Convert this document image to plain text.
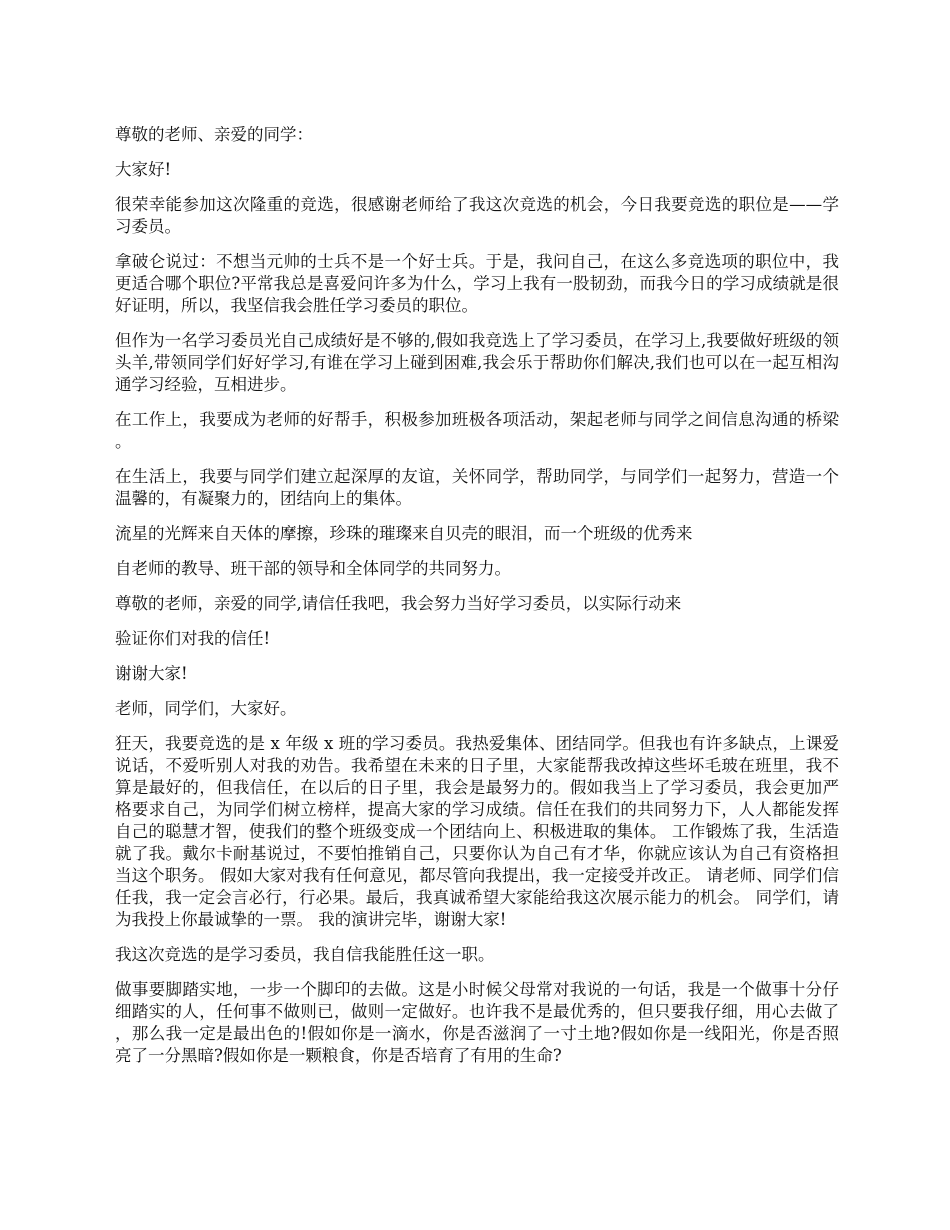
尊敬的老师、亲爱的同学：

大家好!

很荣幸能参加这次隆重的竞选，很感谢老师给了我这次竞选的机会，今日我要竞选的职位是——学习委员。

拿破仑说过：不想当元帅的士兵不是一个好士兵。于是，我问自己，在这么多竞选项的职位中，我更适合哪个职位?平常我总是喜爱问许多为什么，学习上我有一股韧劲，而我今日的学习成绩就是很好证明，所以，我坚信我会胜任学习委员的职位。

但作为一名学习委员光自己成绩好是不够的,假如我竞选上了学习委员，在学习上,我要做好班级的领头羊,带领同学们好好学习,有谁在学习上碰到困难,我会乐于帮助你们解决,我们也可以在一起互相沟通学习经验，互相进步。

在工作上，我要成为老师的好帮手，积极参加班极各项活动，架起老师与同学之间信息沟通的桥梁。

在生活上，我要与同学们建立起深厚的友谊，关怀同学，帮助同学，与同学们一起努力，营造一个温馨的，有凝聚力的，团结向上的集体。

流星的光辉来自天体的摩擦，珍珠的璀璨来自贝壳的眼泪，而一个班级的优秀来

自老师的教导、班干部的领导和全体同学的共同努力。

尊敬的老师，亲爱的同学,请信任我吧，我会努力当好学习委员，以实际行动来

验证你们对我的信任!

谢谢大家!

老师，同学们，大家好。

狂天，我要竞选的是 x 年级 x 班的学习委员。我热爱集体、团结同学。但我也有许多缺点，上课爱说话，不爱听别人对我的劝告。我希望在未来的日子里，大家能帮我改掉这些坏毛玻在班里，我不算是最好的，但我信任，在以后的日子里，我会是最努力的。假如我当上了学习委员，我会更加严格要求自己，为同学们树立榜样，提高大家的学习成绩。信任在我们的共同努力下，人人都能发挥自己的聪慧才智，使我们的整个班级变成一个团结向上、积极进取的集体。 工作锻炼了我，生活造就了我。戴尔卡耐基说过，不要怕推销自己，只要你认为自己有才华，你就应该认为自己有资格担当这个职务。 假如大家对我有任何意见，都尽管向我提出，我一定接受并改正。 请老师、同学们信任我，我一定会言必行，行必果。最后，我真诚希望大家能给我这次展示能力的机会。 同学们，请为我投上你最诚挚的一票。 我的演讲完毕，谢谢大家!

我这次竞选的是学习委员，我自信我能胜任这一职。

做事要脚踏实地，一步一个脚印的去做。这是小时候父母常对我说的一句话，我是一个做事十分仔细踏实的人，任何事不做则已，做则一定做好。也许我不是最优秀的，但只要我仔细，用心去做了，那么我一定是最出色的!假如你是一滴水，你是否滋润了一寸土地?假如你是一线阳光，你是否照亮了一分黑暗?假如你是一颗粮食，你是否培育了有用的生命?
